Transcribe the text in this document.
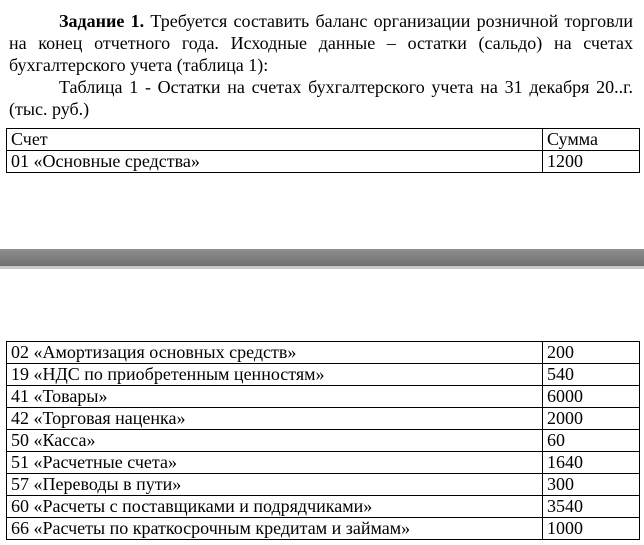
Задание 1. Требуется составить баланс организации розничной торговли на конец отчетного года. Исходные данные – остатки (сальдо) на счетах бухгалтерского учета (таблица 1):
Таблица 1 - Остатки на счетах бухгалтерского учета на 31 декабря 20..г.(тыс. руб.)
Счет	Сумма
01 «Основные средства»	1200
02 «Амортизация основных средств»	200
19 «НДС по приобретенным ценностям»	540
41 «Товары»	6000
42 «Торговая наценка»	2000
50 «Касса»	60
51 «Расчетные счета»	1640
57 «Переводы в пути»	300
60 «Расчеты с поставщиками и подрядчиками»	3540
66 «Расчеты по краткосрочным кредитам и займам»	1000
